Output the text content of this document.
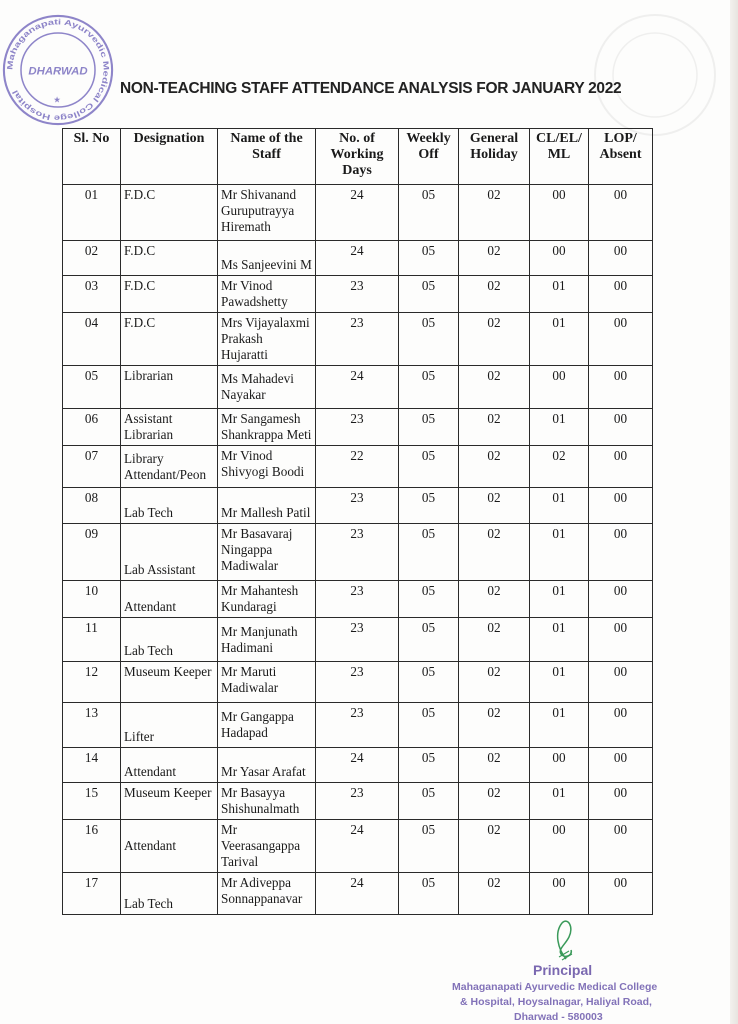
Mahaganapati Ayurvedic Medical College Hospital
DHARWAD
★
NON-TEACHING STAFF ATTENDANCE ANALYSIS FOR JANUARY 2022
Sl. No	Designation	Name of the Staff	No. of Working Days	Weekly Off	General Holiday	CL/EL/ ML	LOP/ Absent
01	F.D.C	Mr Shivanand Guruputrayya Hiremath	24	05	02	00	00
02	F.D.C	Ms Sanjeevini M	24	05	02	00	00
03	F.D.C	Mr Vinod Pawadshetty	23	05	02	01	00
04	F.D.C	Mrs Vijayalaxmi Prakash Hujaratti	23	05	02	01	00
05	Librarian	Ms Mahadevi Nayakar	24	05	02	00	00
06	Assistant Librarian	Mr Sangamesh Shankrappa Meti	23	05	02	01	00
07	Library Attendant/Peon	Mr Vinod Shivyogi Boodi	22	05	02	02	00
08	Lab Tech	Mr Mallesh Patil	23	05	02	01	00
09	Lab Assistant	Mr Basavaraj Ningappa Madiwalar	23	05	02	01	00
10	Attendant	Mr Mahantesh Kundaragi	23	05	02	01	00
11	Lab Tech	Mr Manjunath Hadimani	23	05	02	01	00
12	Museum Keeper	Mr Maruti Madiwalar	23	05	02	01	00
13	Lifter	Mr Gangappa Hadapad	23	05	02	01	00
14	Attendant	Mr Yasar Arafat	24	05	02	00	00
15	Museum Keeper	Mr Basayya Shishunalmath	23	05	02	01	00
16	Attendant	Mr Veerasangappa Tarival	24	05	02	00	00
17	Lab Tech	Mr Adiveppa Sonnappanavar	24	05	02	00	00
Principal
Mahaganapati Ayurvedic Medical College
& Hospital, Hoysalnagar, Haliyal Road,
Dharwad - 580003
